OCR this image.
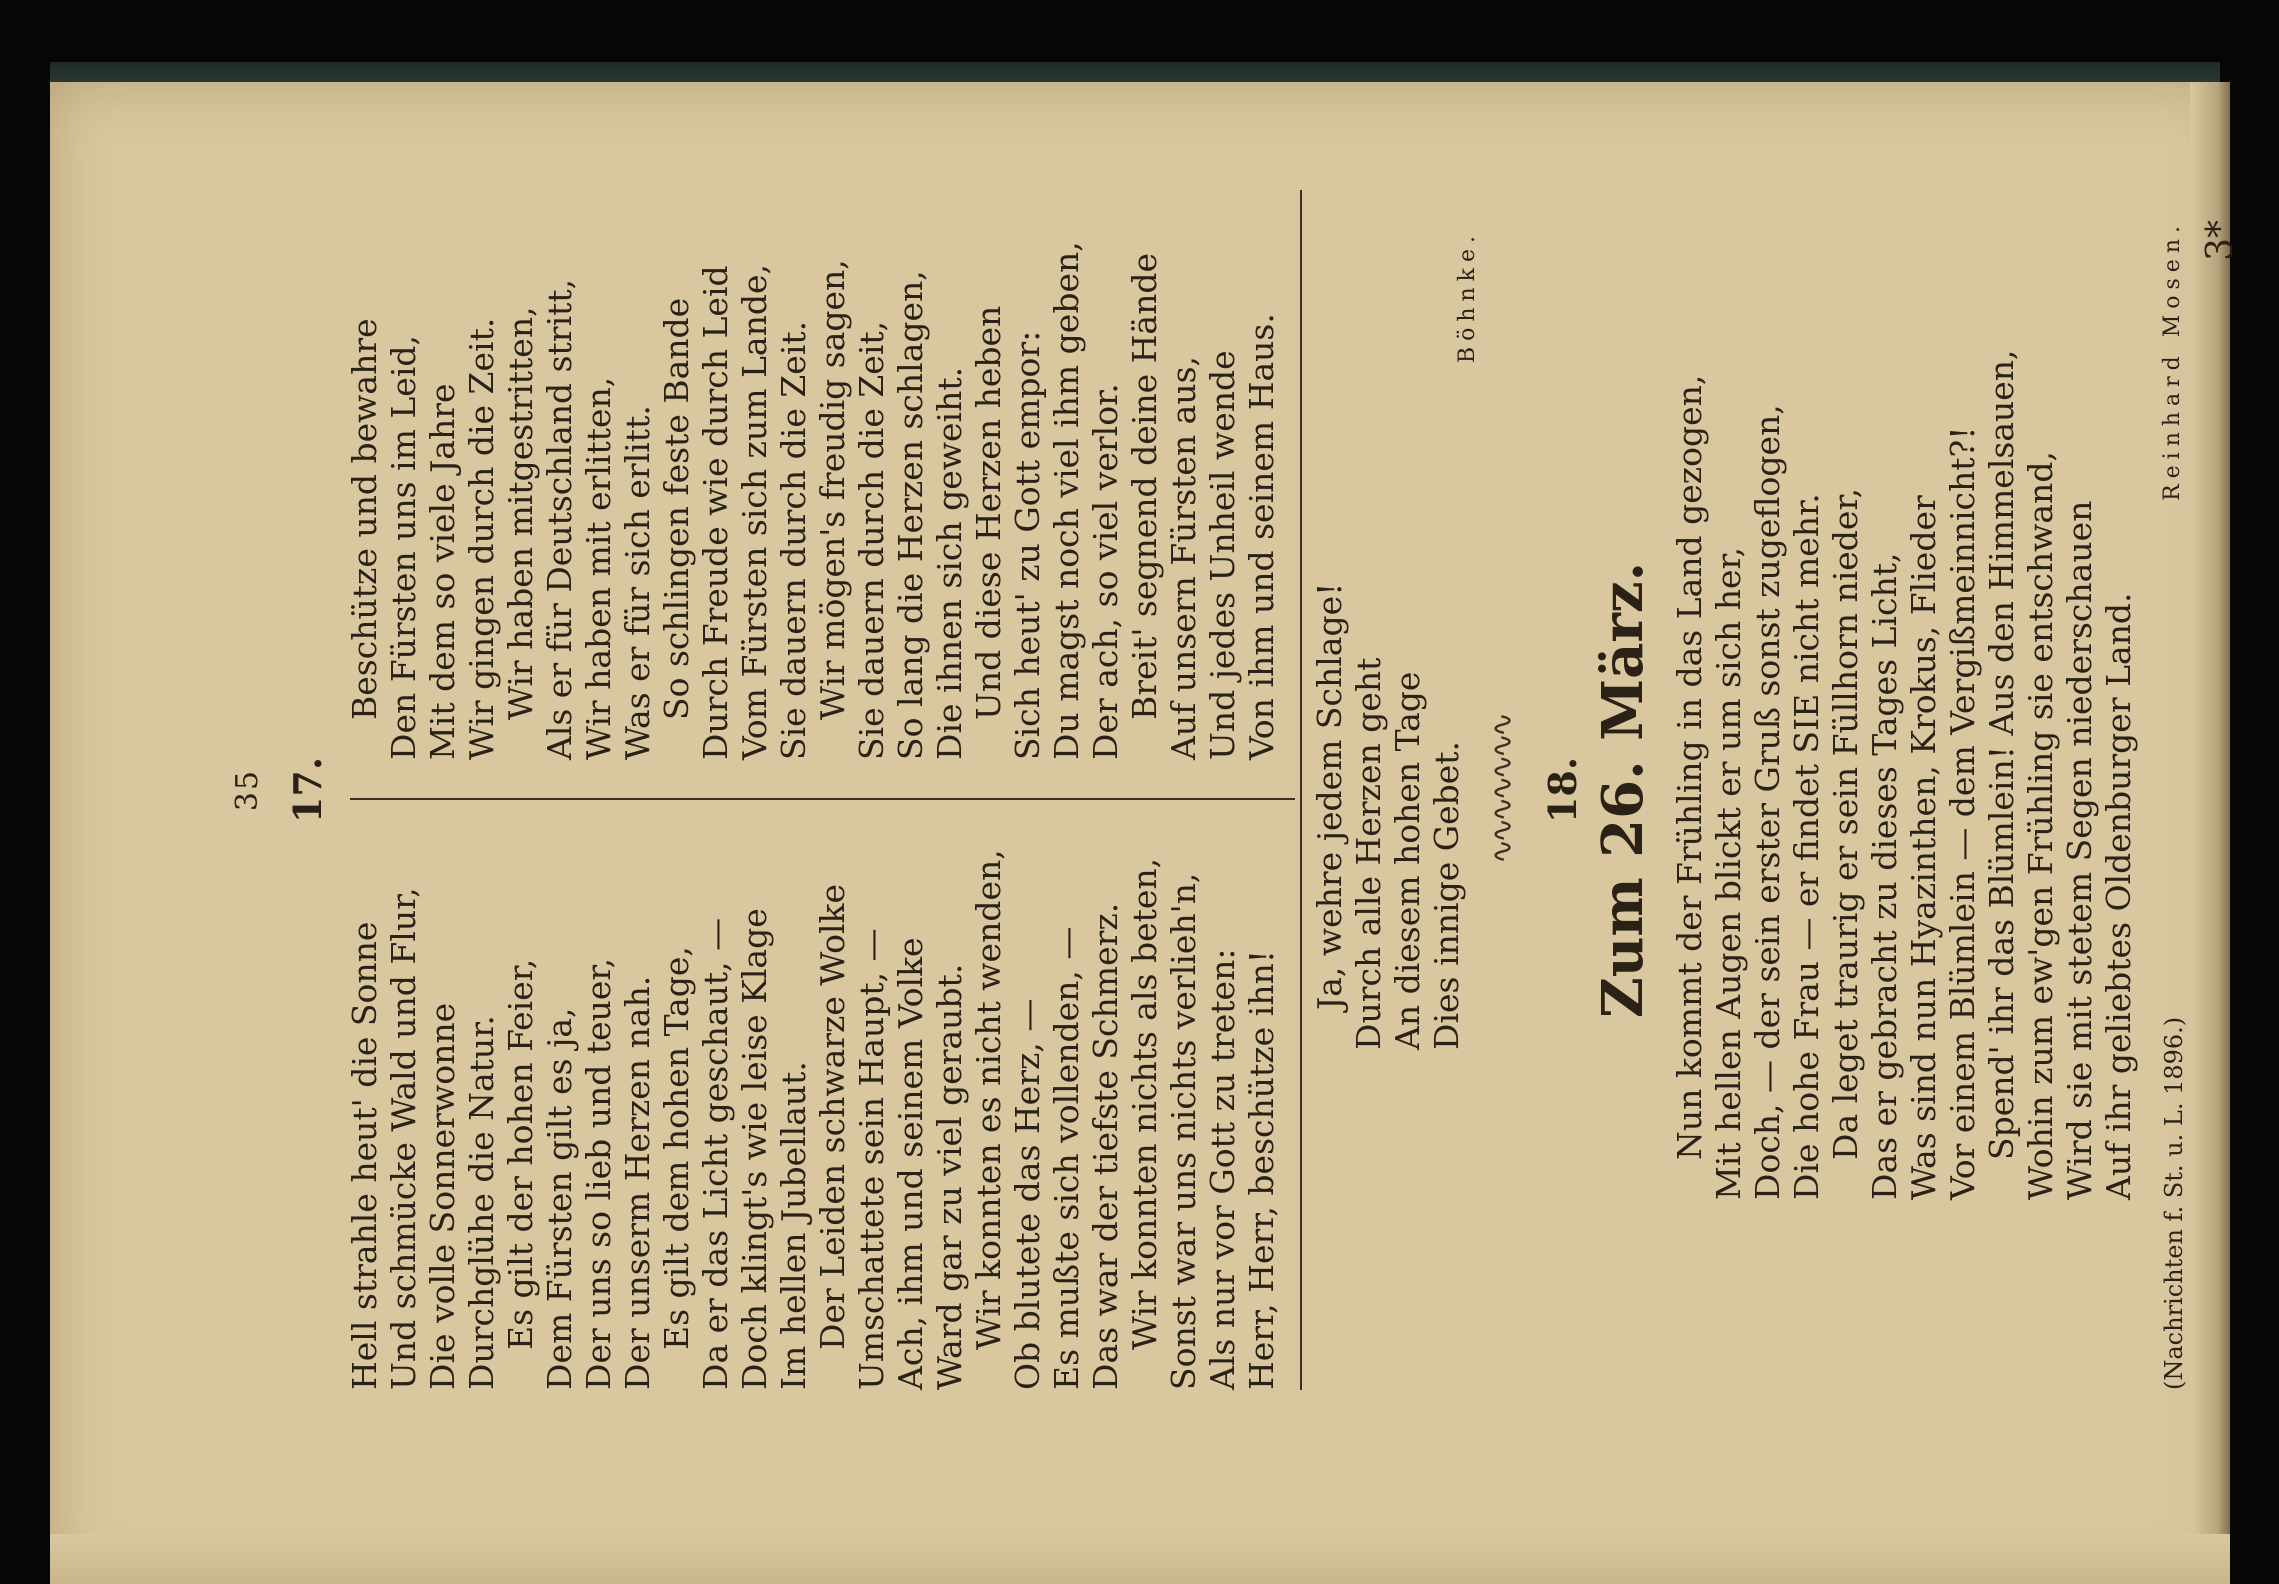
35 17.
Hell strahle heut' die Sonne Und schmücke Wald und Flur, Die volle Sonnerwonne Durchglühe die Natur. Es gilt der hohen Feier, Dem Fürsten gilt es ja, Der uns so lieb und teuer, Der unserm Herzen nah. Es gilt dem hohen Tage, Da er das Licht geschaut, — Doch klingt's wie leise Klage Im hellen Jubellaut. Der Leiden schwarze Wolke Umschattete sein Haupt, — Ach, ihm und seinem Volke Ward gar zu viel geraubt. Wir konnten es nicht wenden, Ob blutete das Herz, — Es mußte sich vollenden, — Das war der tiefste Schmerz. Wir konnten nichts als beten, Sonst war uns nichts verlieh'n, Als nur vor Gott zu treten: Herr, Herr, beschütze ihn!
Beschütze und bewahre Den Fürsten uns im Leid, Mit dem so viele Jahre Wir gingen durch die Zeit. Wir haben mitgestritten, Als er für Deutschland stritt, Wir haben mit erlitten, Was er für sich erlitt. So schlingen feste Bande Durch Freude wie durch Leid Vom Fürsten sich zum Lande, Sie dauern durch die Zeit. Wir mögen's freudig sagen, Sie dauern durch die Zeit, So lang die Herzen schlagen, Die ihnen sich geweiht. Und diese Herzen heben Sich heut' zu Gott empor: Du magst noch viel ihm geben, Der ach, so viel verlor. Breit' segnend deine Hände Auf unsern Fürsten aus, Und jedes Unheil wende Von ihm und seinem Haus.
Ja, wehre jedem Schlage! Durch alle Herzen geht An diesem hohen Tage Dies innige Gebet.
Böhnke.
∿∿∿∿∿∿∿ 18. Zum 26. März. Nun kommt der Frühling in das Land gezogen, Mit hellen Augen blickt er um sich her, Doch, — der sein erster Gruß sonst zugeflogen, Die hohe Frau — er findet SIE nicht mehr. Da leget traurig er sein Füllhorn nieder, Das er gebracht zu dieses Tages Licht, Was sind nun Hyazinthen, Krokus, Flieder Vor einem Blümlein — dem Vergißmeinnicht?! Spend' ihr das Blümlein! Aus den Himmelsauen, Wohin zum ew'gen Frühling sie entschwand, Wird sie mit stetem Segen niederschauen Auf ihr geliebtes Oldenburger Land.
(Nachrichten f. St. u. L. 1896.)
Reinhard Mosen. 3*
